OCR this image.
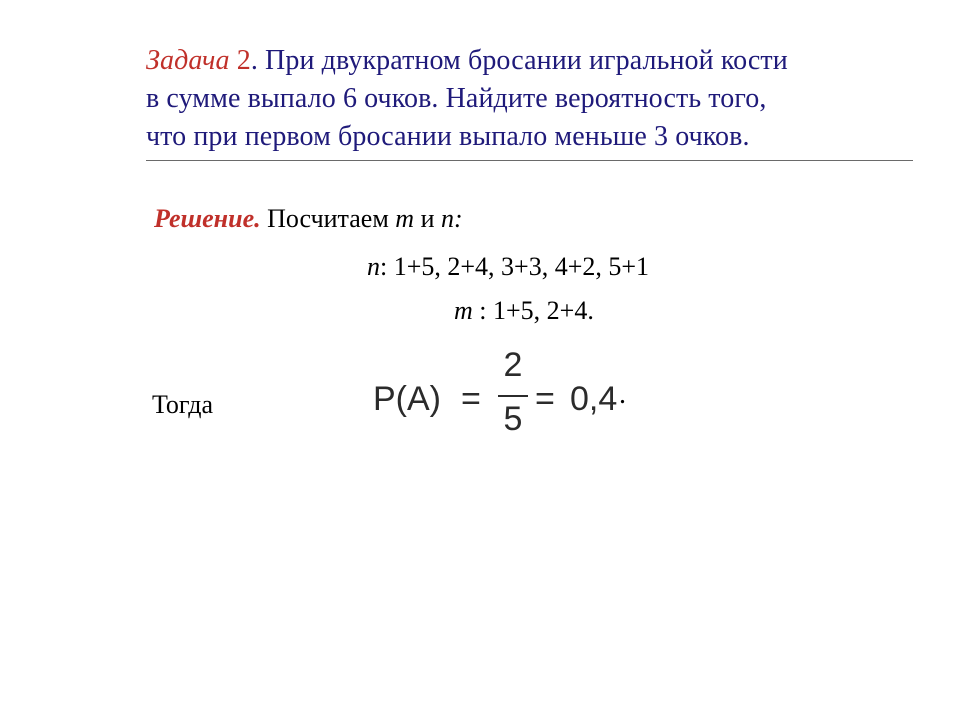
Задача 2. При двукратном бросании игральной кости
в сумме выпало 6 очков. Найдите вероятность того,
что при первом бросании выпало меньше 3 очков.
Решение. Посчитаем m и n:
n: 1+5, 2+4, 3+3, 4+2, 5+1
m : 1+5, 2+4.
Тогда	P(A) =
2
5
= 0,4 .
